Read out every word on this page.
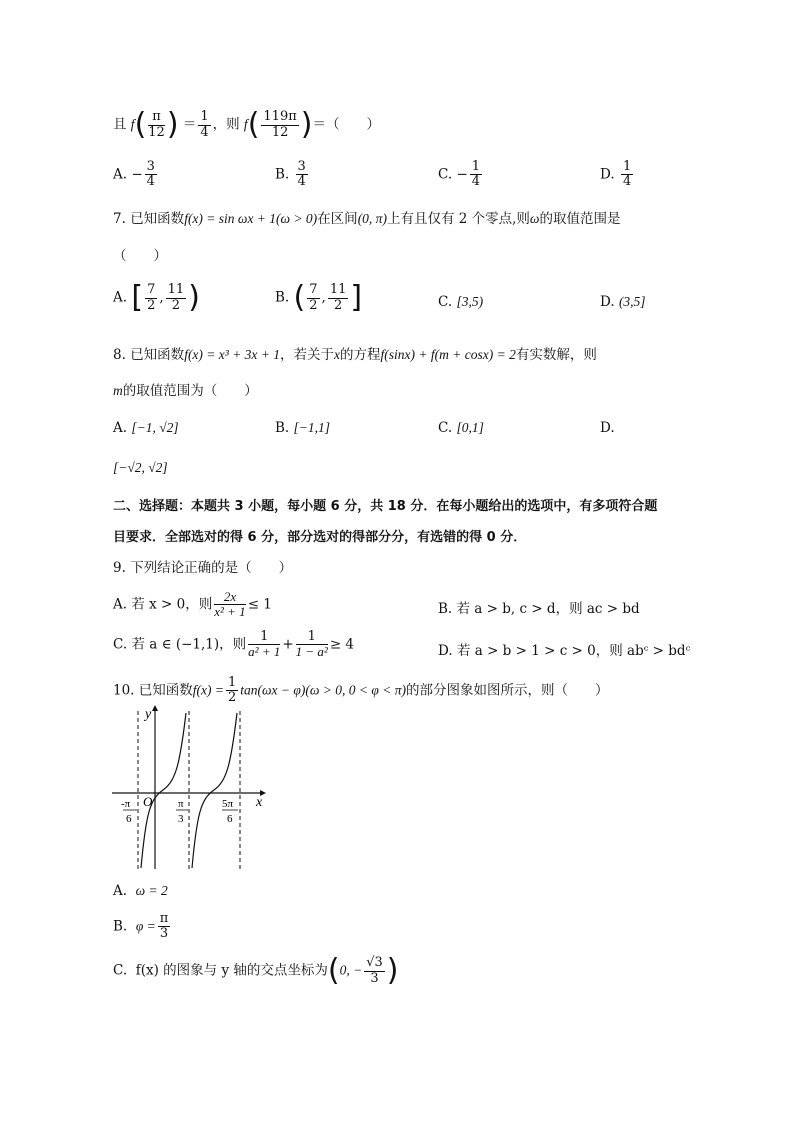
且 $f( \frac{\pi}{12}$ ) ＝ $\frac{1}{4}$ ，则 $f( \frac{119\pi}{12}$ )＝（　　）
A. − $\frac{3}{4}$	B. $\frac{3}{4}$	C. − $\frac{1}{4}$	D. $\frac{1}{4}$
7. 已知函数f(x) = sin ωx + 1(ω > 0)在区间(0, π)上有且仅有 2 个零点,则ω的取值范围是
（　　）
A. [ $\frac{7}{2}$ , $\frac{11}{2}$ )	B. ( $\frac{7}{2}$ , $\frac{11}{2}$ ]	C. [3,5)	D. (3,5]
8. 已知函数f(x) = x³ + 3x + 1，若关于x的方程f(sinx) + f(m + cosx) = 2有实数解，则
m的取值范围为（　　）
A. [−1, √2]	B. [−1,1]	C. [0,1]	D.
[−√2, √2]
二、选择题：本题共 3 小题，每小题 6 分，共 18 分．在每小题给出的选项中，有多项符合题
目要求．全部选对的得 6 分，部分选对的得部分分，有选错的得 0 分．
9. 下列结论正确的是（　　）
A. 若 x > 0，则 $\frac{2x}{\text{x² + 1}} \le 1$	B. 若 a > b, c > d，则 ac > bd
C. 若 a ∈ (−1,1)，则 $\frac{1}{\text{a² + 1}} + \frac{1}{\text{1 − a²}} \ge 4$	D. 若 a > b > 1 > c > 0，则 abᶜ > bdᶜ
10. 已知函数$f(x) = \frac{1}{2} \tan(\omega x - \varphi)(\omega > 0$, 0 < φ < π)的部分图象如图所示，则（　　）
y
x
O
-π
6
π
3
5π
6
A. ω = 2
B. $\varphi = \frac{\pi}{3}$
C. f(x) 的图象与 y 轴的交点坐标为(0, − $\frac{√3}{3}$ )
